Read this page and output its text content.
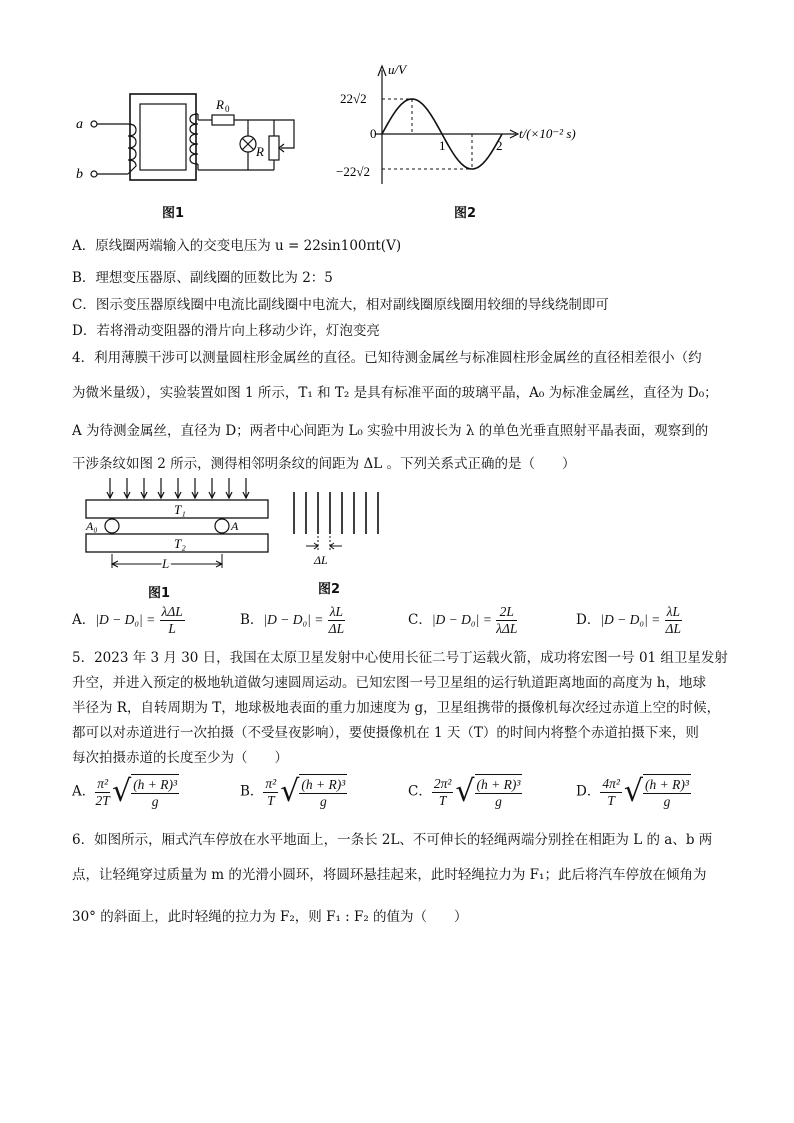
a
b
R 0
R
图1
u/V
t/(×10⁻² s)
22√2
−22√2
0
1	2
图2
A．原线圈两端输入的交变电压为 u = 22sin100πt(V)
B．理想变压器原、副线圈的匝数比为 2：5
C．图示变压器原线圈中电流比副线圈中电流大，相对副线圈原线圈用较细的导线绕制即可
D．若将滑动变阻器的滑片向上移动少许，灯泡变亮
4．利用薄膜干涉可以测量圆柱形金属丝的直径。已知待测金属丝与标准圆柱形金属丝的直径相差很小（约
为微米量级），实验装置如图 1 所示，T₁ 和 T₂ 是具有标准平面的玻璃平晶，A₀ 为标准金属丝，直径为 D₀；
A 为待测金属丝，直径为 D；两者中心间距为 L₀ 实验中用波长为 λ 的单色光垂直照射平晶表面，观察到的
干涉条纹如图 2 所示，测得相邻明条纹的间距为 ΔL 。下列关系式正确的是（　　）
T₁
T₂
A₀	A
L
图1
ΔL
图2
A．$|D - D_0| = \frac{\text{λΔL}}{L}$	B．$|D - D_0| = \frac{\lambda L}{\Delta L}$	C．$|D - D_0| = \frac{2L}{\text{λΔL}}$	D．$|D - D_0| = \frac{\lambda L}{\Delta L}$
5．2023 年 3 月 30 日，我国在太原卫星发射中心使用长征二号丁运载火箭，成功将宏图一号 01 组卫星发射
升空，并进入预定的极地轨道做匀速圆周运动。已知宏图一号卫星组的运行轨道距离地面的高度为 h，地球
半径为 R，自转周期为 T，地球极地表面的重力加速度为 g，卫星组携带的摄像机每次经过赤道上空的时候，
都可以对赤道进行一次拍摄（不受昼夜影响），要使摄像机在 1 天（T）的时间内将整个赤道拍摄下来，则
每次拍摄赤道的长度至少为（　　）
A． $\frac{\text{π²}}{2T}$ √ $\frac{\text{(h + R)³}}{g}$	B． $\frac{\text{π²}}{T}$ √ $\frac{\text{(h + R)³}}{g}$	C． $\frac{\text{2π²}}{T}$ √ $\frac{\text{(h + R)³}}{g}$	D． $\frac{\text{4π²}}{T}$ √ $\frac{\text{(h + R)³}}{g}$
6．如图所示，厢式汽车停放在水平地面上，一条长 2L、不可伸长的轻绳两端分别拴在相距为 L 的 a、b 两
点，让轻绳穿过质量为 m 的光滑小圆环，将圆环悬挂起来，此时轻绳拉力为 F₁；此后将汽车停放在倾角为
30° 的斜面上，此时轻绳的拉力为 F₂，则 F₁ : F₂ 的值为（　　）
